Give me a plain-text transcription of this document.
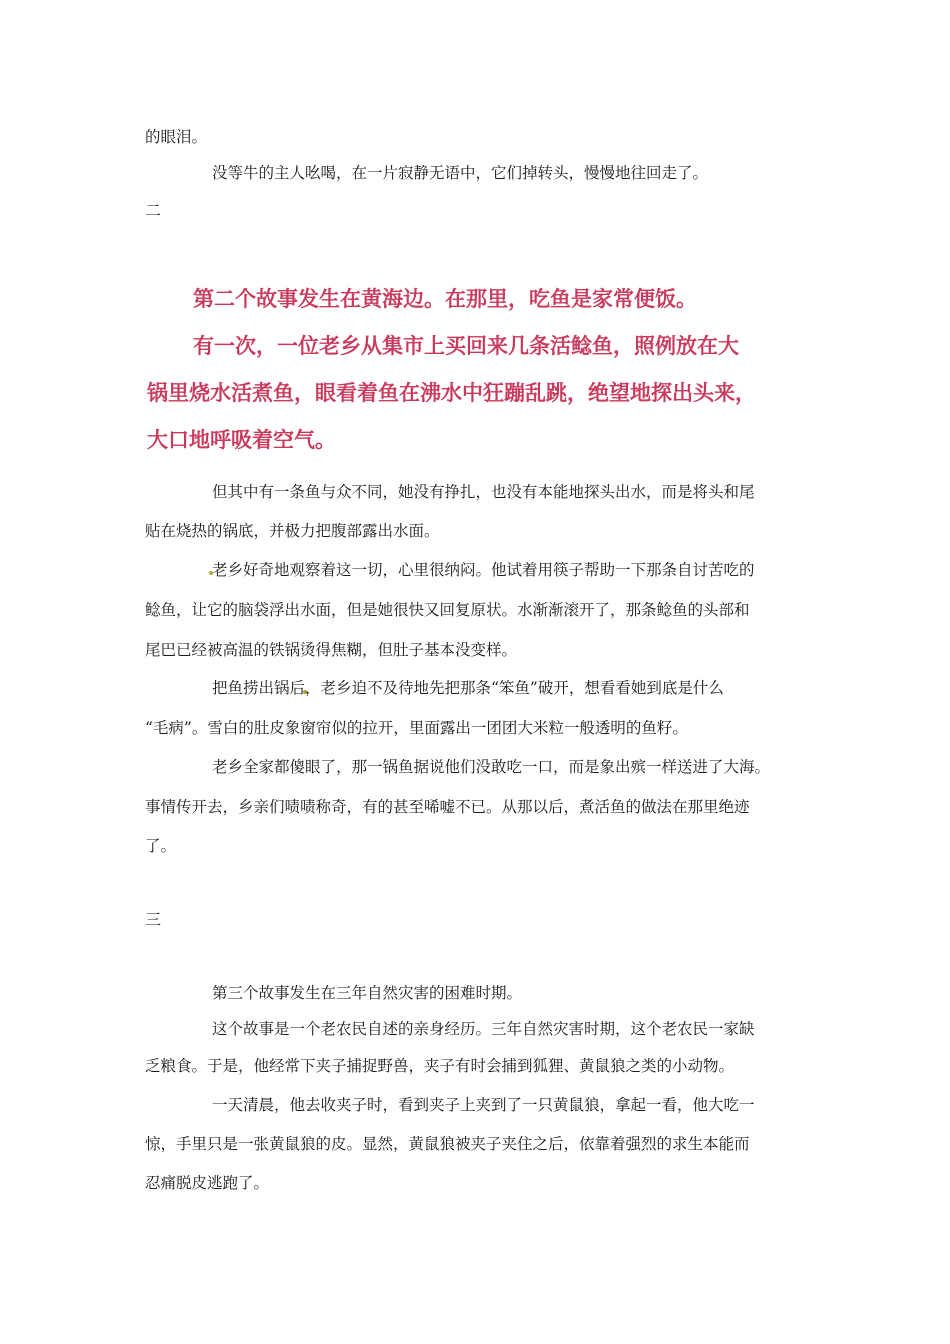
的眼泪。
没等牛的主人吆喝，在一片寂静无语中，它们掉转头，慢慢地往回走了。
二
第二个故事发生在黄海边。在那里，吃鱼是家常便饭。
有一次，一位老乡从集市上买回来几条活鲶鱼，照例放在大
锅里烧水活煮鱼，眼看着鱼在沸水中狂蹦乱跳，绝望地探出头来，
大口地呼吸着空气。
但其中有一条鱼与众不同，她没有挣扎，也没有本能地探头出水，而是将头和尾
贴在烧热的锅底，并极力把腹部露出水面。
老乡好奇地观察着这一切，心里很纳闷。他试着用筷子帮助一下那条自讨苦吃的
鲶鱼，让它的脑袋浮出水面，但是她很快又回复原状。水渐渐滚开了，那条鲶鱼的头部和
尾巴已经被高温的铁锅烫得焦糊，但肚子基本没变样。
把鱼捞出锅后，老乡迫不及待地先把那条“笨鱼”破开，想看看她到底是什么
“毛病”。雪白的肚皮象窗帘似的拉开，里面露出一团团大米粒一般透明的鱼籽。
老乡全家都傻眼了，那一锅鱼据说他们没敢吃一口，而是象出殡一样送进了大海。
事情传开去，乡亲们啧啧称奇，有的甚至唏嘘不已。从那以后，煮活鱼的做法在那里绝迹
了。
三
第三个故事发生在三年自然灾害的困难时期。
这个故事是一个老农民自述的亲身经历。三年自然灾害时期，这个老农民一家缺
乏粮食。于是，他经常下夹子捕捉野兽，夹子有时会捕到狐狸、黄鼠狼之类的小动物。
一天清晨，他去收夹子时，看到夹子上夹到了一只黄鼠狼，拿起一看，他大吃一
惊，手里只是一张黄鼠狼的皮。显然，黄鼠狼被夹子夹住之后，依靠着强烈的求生本能而
忍痛脱皮逃跑了。
